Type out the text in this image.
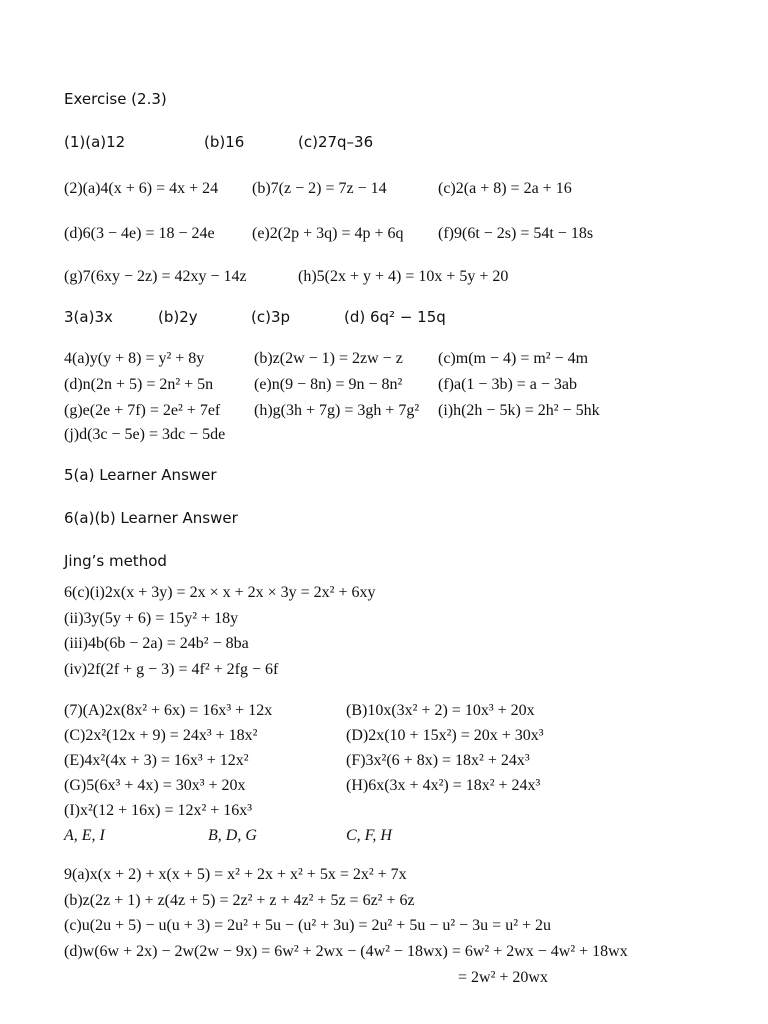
Exercise (2.3)
(1)(a)12	(b)16	(c)27q–36
(2)(a)4(x + 6) = 4x + 24 (b)7(z − 2) = 7z − 14	(c)2(a + 8) = 2a + 16
(d)6(3 − 4e) = 18 − 24e (e)2(2p + 3q) = 4p + 6q (f)9(6t − 2s) = 54t − 18s
(g)7(6xy − 2z) = 42xy − 14z	(h)5(2x + y + 4) = 10x + 5y + 20
3(a)3x	(b)2y	(c)3p	(d) 6q² − 15q
4(a)y(y + 8) = y² + 8y	(b)z(2w − 1) = 2zw − z (c)m(m − 4) = m² − 4m
(d)n(2n + 5) = 2n² + 5n	(e)n(9 − 8n) = 9n − 8n² (f)a(1 − 3b) = a − 3ab
(g)e(2e + 7f) = 2e² + 7ef (h)g(3h + 7g) = 3gh + 7g² (i)h(2h − 5k) = 2h² − 5hk
(j)d(3c − 5e) = 3dc − 5de
5(a) Learner Answer
6(a)(b) Learner Answer
Jing’s method
6(c)(i)2x(x + 3y) = 2x × x + 2x × 3y = 2x² + 6xy
(ii)3y(5y + 6) = 15y² + 18y
(iii)4b(6b − 2a) = 24b² − 8ba
(iv)2f(2f + g − 3) = 4f² + 2fg − 6f
(7)(A)2x(8x² + 6x) = 16x³ + 12x	(B)10x(3x² + 2) = 10x³ + 20x
(C)2x²(12x + 9) = 24x³ + 18x²	(D)2x(10 + 15x²) = 20x + 30x³
(E)4x²(4x + 3) = 16x³ + 12x²	(F)3x²(6 + 8x) = 18x² + 24x³
(G)5(6x³ + 4x) = 30x³ + 20x	(H)6x(3x + 4x²) = 18x² + 24x³
(I)x²(12 + 16x) = 12x² + 16x³
A, E, I	B, D, G	C, F, H
9(a)x(x + 2) + x(x + 5) = x² + 2x + x² + 5x = 2x² + 7x
(b)z(2z + 1) + z(4z + 5) = 2z² + z + 4z² + 5z = 6z² + 6z
(c)u(2u + 5) − u(u + 3) = 2u² + 5u − (u² + 3u) = 2u² + 5u − u² − 3u = u² + 2u
(d)w(6w + 2x) − 2w(2w − 9x) = 6w² + 2wx − (4w² − 18wx) = 6w² + 2wx − 4w² + 18wx
= 2w² + 20wx
